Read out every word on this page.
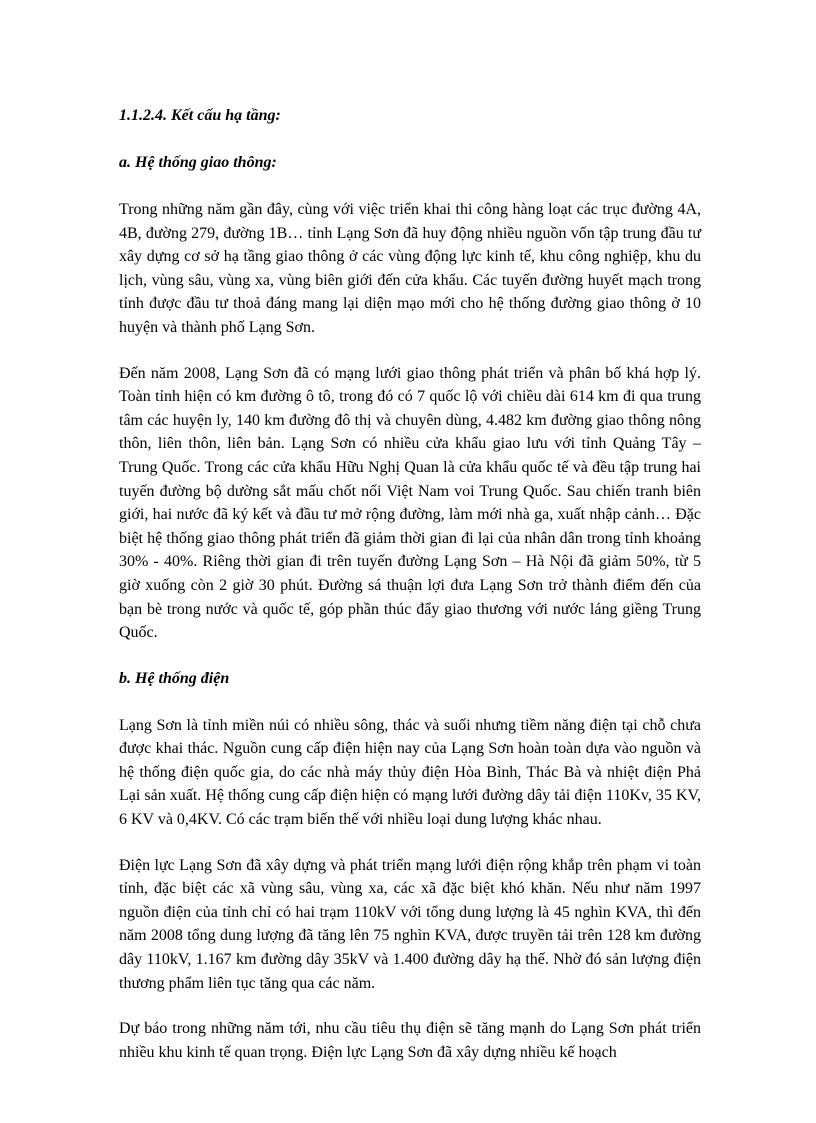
1.1.2.4. Kết cấu hạ tầng:

a. Hệ thống giao thông:

Trong những năm gần đây, cùng với việc triển khai thi công hàng loạt các trục đường 4A, 4B, đường 279, đường 1B… tỉnh Lạng Sơn đã huy động nhiều nguồn vốn tập trung đầu tư xây dựng cơ sở hạ tầng giao thông ở các vùng động lực kinh tế, khu công nghiệp, khu du lịch, vùng sâu, vùng xa, vùng biên giới đến cửa khẩu. Các tuyến đường huyết mạch trong tỉnh được đầu tư thoả đáng mang lại diện mạo mới cho hệ thống đường giao thông ở 10 huyện và thành phố Lạng Sơn.

Đến năm 2008, Lạng Sơn đã có mạng lưới giao thông phát triển và phân bố khá hợp lý. Toàn tỉnh hiện có km đường ô tô, trong đó có 7 quốc lộ với chiều dài 614 km đi qua trung tâm các huyện ly, 140 km đường đô thị và chuyên dùng, 4.482 km đường giao thông nông thôn, liên thôn, liên bản. Lạng Sơn có nhiều cửa khẩu giao lưu với tỉnh Quảng Tây – Trung Quốc. Trong các cửa khẩu Hữu Nghị Quan là cửa khẩu quốc tế và đều tập trung hai tuyến đường bộ dường sắt mấu chốt nối Việt Nam voi Trung Quốc. Sau chiến tranh biên giới, hai nước đã ký kết và đầu tư mở rộng đường, làm mới nhà ga, xuất nhập cảnh… Đặc biệt hệ thống giao thông phát triển đã giảm thời gian đi lại của nhân dân trong tỉnh khoảng 30% - 40%. Riêng thời gian đi trên tuyến đường Lạng Sơn – Hà Nội đã giảm 50%, từ 5 giờ xuống còn 2 giờ 30 phút. Đường sá thuận lợi đưa Lạng Sơn trở thành điểm đến của bạn bè trong nước và quốc tế, góp phần thúc đẩy giao thương với nước láng giềng Trung Quốc.

b. Hệ thống điện

Lạng Sơn là tỉnh miền núi có nhiều sông, thác và suối nhưng tiềm năng điện tại chỗ chưa được khai thác. Nguồn cung cấp điện hiện nay của Lạng Sơn hoàn toàn dựa vào nguồn và hệ thống điện quốc gia, do các nhà máy thủy điện Hòa Bình, Thác Bà và nhiệt điện Phả Lại sản xuất. Hệ thống cung cấp điện hiện có mạng lưới đường dây tải điện 110Kv, 35 KV, 6 KV và 0,4KV. Có các trạm biến thế với nhiều loại dung lượng khác nhau.

Điện lực Lạng Sơn đã xây dựng và phát triển mạng lưới điện rộng khắp trên phạm vi toàn tỉnh, đặc biệt các xã vùng sâu, vùng xa, các xã đặc biệt khó khăn. Nếu như năm 1997 nguồn điện của tỉnh chỉ có hai trạm 110kV với tổng dung lượng là 45 nghìn KVA, thì đến năm 2008 tổng dung lượng đã tăng lên 75 nghìn KVA, được truyền tải trên 128 km đường dây 110kV, 1.167 km đường dây 35kV và 1.400 đường dây hạ thế. Nhờ đó sản lượng điện thương phẩm liên tục tăng qua các năm.

Dự báo trong những năm tới, nhu cầu tiêu thụ điện sẽ tăng mạnh do Lạng Sơn phát triển nhiều khu kinh tế quan trọng. Điện lực Lạng Sơn đã xây dựng nhiều kế hoạch
